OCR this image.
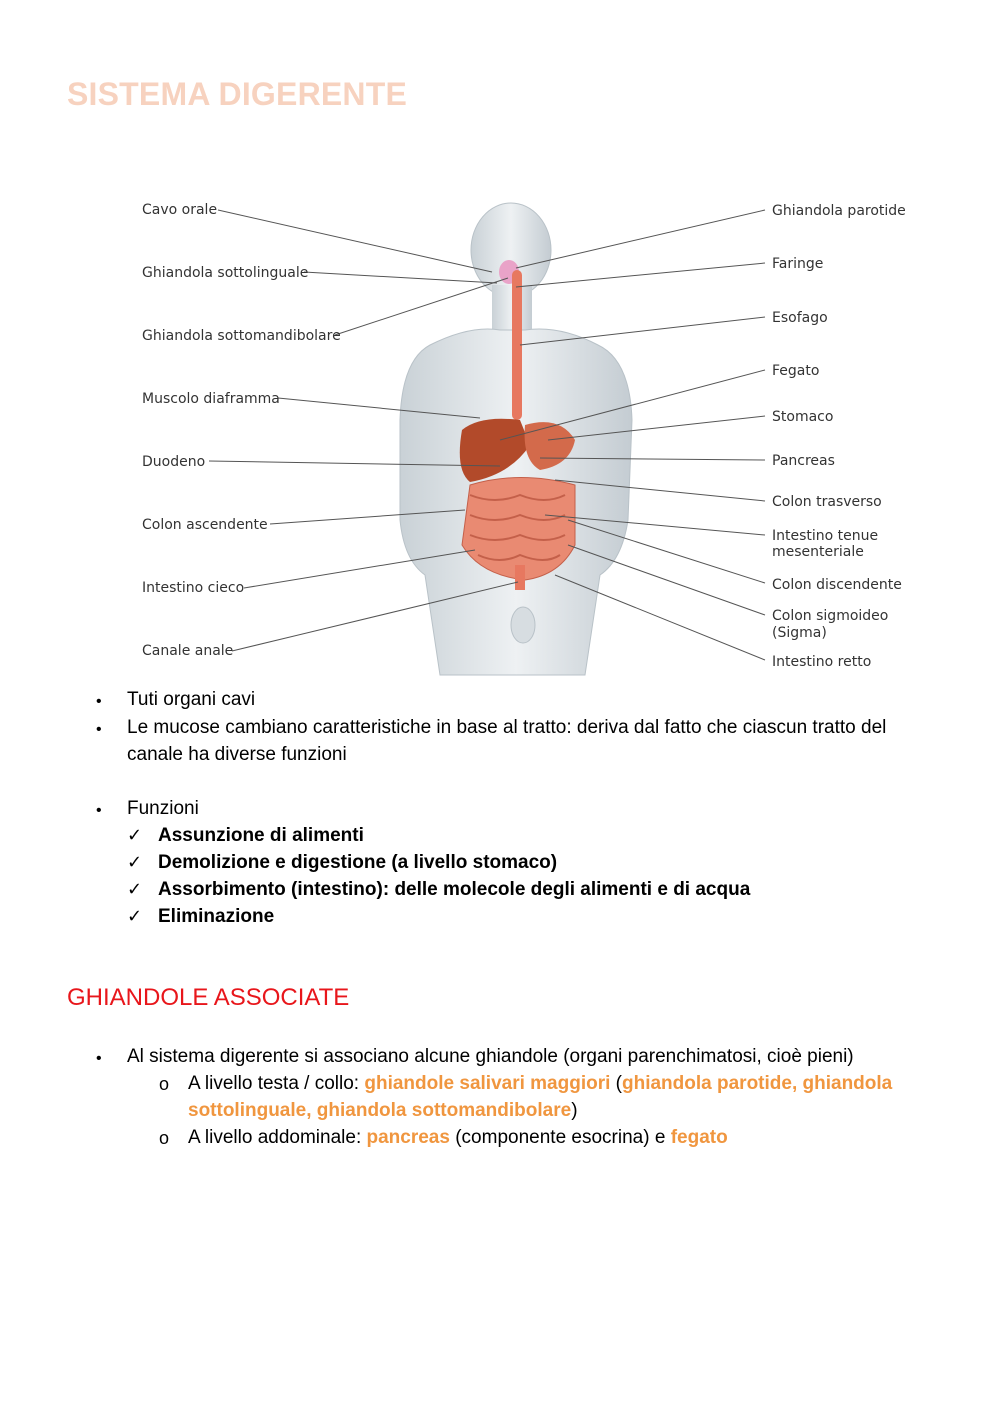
SISTEMA DIGERENTE
Cavo orale
Ghiandola sottolinguale
Ghiandola sottomandibolare
Muscolo diaframma
Duodeno
Colon ascendente
Intestino cieco
Canale anale
Ghiandola parotide
Faringe
Esofago
Fegato
Stomaco
Pancreas
Colon trasverso
Intestino tenue
mesenteriale
Colon discendente
Colon sigmoideo
(Sigma)
Intestino retto
• Tuti organi cavi
• Le mucose cambiano caratteristiche in base al tratto: deriva dal fatto che ciascun tratto del
canale ha diverse funzioni
• Funzioni
✓ Assunzione di alimenti
✓ Demolizione e digestione (a livello stomaco)
✓ Assorbimento (intestino): delle molecole degli alimenti e di acqua
✓ Eliminazione
GHIANDOLE ASSOCIATE
• Al sistema digerente si associano alcune ghiandole (organi parenchimatosi, cioè pieni)
o A livello testa / collo: ghiandole salivari maggiori (ghiandola parotide, ghiandola
sottolinguale, ghiandola sottomandibolare)
o A livello addominale: pancreas (componente esocrina) e fegato
